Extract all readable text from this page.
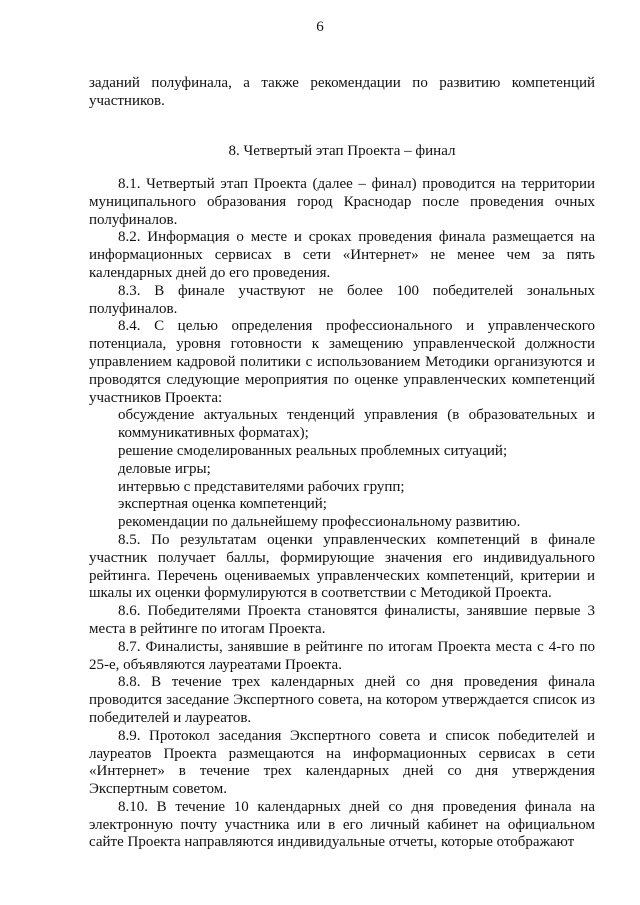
6

заданий полуфинала, а также рекомендации по развитию компетенций участников.

8. Четвертый этап Проекта – финал

8.1. Четвертый этап Проекта (далее – финал) проводится на территории муниципального образования город Краснодар после проведения очных полуфиналов.

8.2. Информация о месте и сроках проведения финала размещается на информационных сервисах в сети «Интернет» не менее чем за пять календарных дней до его проведения.

8.3. В финале участвуют не более 100 победителей зональных полуфиналов.

8.4. С целью определения профессионального и управленческого потенциала, уровня готовности к замещению управленческой должности управлением кадровой политики с использованием Методики организуются и проводятся следующие мероприятия по оценке управленческих компетенций участников Проекта:

обсуждение актуальных тенденций управления (в образовательных и коммуникативных форматах);

решение смоделированных реальных проблемных ситуаций;

деловые игры;

интервью с представителями рабочих групп;

экспертная оценка компетенций;

рекомендации по дальнейшему профессиональному развитию.

8.5. По результатам оценки управленческих компетенций в финале участник получает баллы, формирующие значения его индивидуального рейтинга. Перечень оцениваемых управленческих компетенций, критерии и шкалы их оценки формулируются в соответствии с Методикой Проекта.

8.6. Победителями Проекта становятся финалисты, занявшие первые 3 места в рейтинге по итогам Проекта.

8.7. Финалисты, занявшие в рейтинге по итогам Проекта места с 4-го по 25-е, объявляются лауреатами Проекта.

8.8. В течение трех календарных дней со дня проведения финала проводится заседание Экспертного совета, на котором утверждается список из победителей и лауреатов.

8.9. Протокол заседания Экспертного совета и список победителей и лауреатов Проекта размещаются на информационных сервисах в сети «Интернет» в течение трех календарных дней со дня утверждения Экспертным советом.

8.10. В течение 10 календарных дней со дня проведения финала на электронную почту участника или в его личный кабинет на официальном сайте Проекта направляются индивидуальные отчеты, которые отображают
